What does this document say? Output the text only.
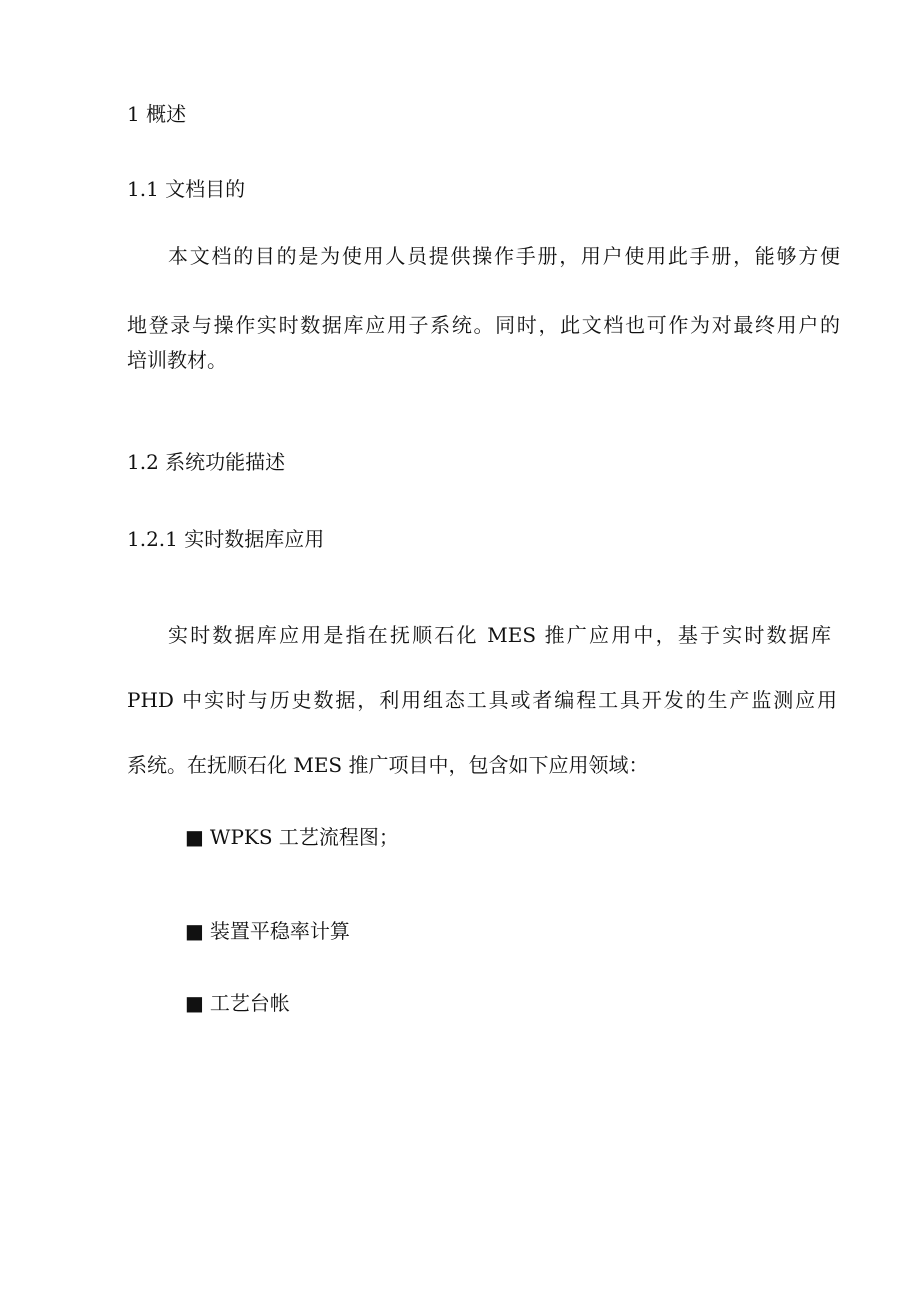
1 概述
1.1 文档目的

本文档的目的是为使用人员提供操作手册，用户使用此手册，能够方便

地登录与操作实时数据库应用子系统。同时，此文档也可作为对最终用户的

培训教材。

1.2 系统功能描述
1.2.1 实时数据库应用

实时数据库应用是指在抚顺石化 MES 推广应用中，基于实时数据库

PHD 中实时与历史数据，利用组态工具或者编程工具开发的生产监测应用

系统。在抚顺石化 MES 推广项目中，包含如下应用领域：

■ WPKS 工艺流程图；
■ 装置平稳率计算
■ 工艺台帐
